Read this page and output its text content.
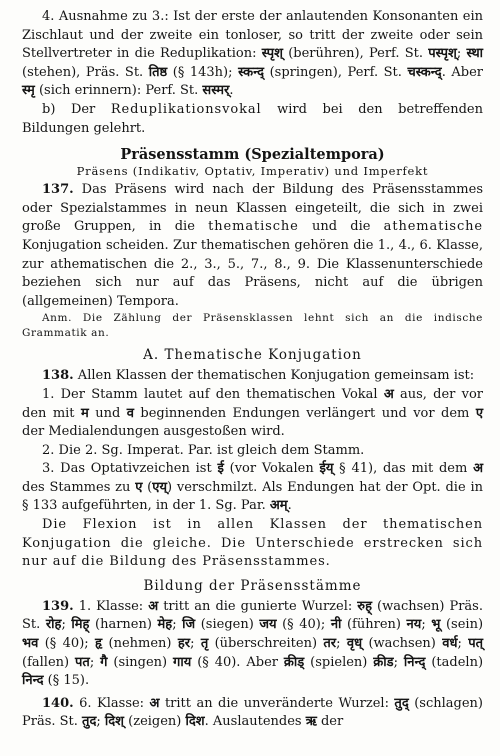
4. Ausnahme zu 3.: Ist der erste der anlautenden Konsonanten ein Zischlaut und der zweite ein tonloser, so tritt der zweite oder sein Stellvertreter in die Reduplikation: स्पृश् (berühren), Perf. St. पस्पृश्; स्था (stehen), Präs. St. तिष्ठ (§ 143h); स्कन्द् (springen), Perf. St. चस्कन्द्. Aber स्मृ (sich erinnern): Perf. St. सस्मर्.

b) Der Reduplikationsvokal wird bei den betreffenden Bildungen gelehrt.

Präsensstamm (Spezialtempora)

Präsens (Indikativ, Optativ, Imperativ) und Imperfekt

137. Das Präsens wird nach der Bildung des Präsensstammes oder Spezialstammes in neun Klassen eingeteilt, die sich in zwei große Gruppen, in die thematische und die athematische Konjugation scheiden. Zur thematischen gehören die 1., 4., 6. Klasse, zur athematischen die 2., 3., 5., 7., 8., 9. Die Klassenunterschiede beziehen sich nur auf das Präsens, nicht auf die übrigen (allgemeinen) Tempora.

Anm. Die Zählung der Präsensklassen lehnt sich an die indische Grammatik an.

A. Thematische Konjugation

138. Allen Klassen der thematischen Konjugation gemeinsam ist:

1. Der Stamm lautet auf den thematischen Vokal अ aus, der vor den mit म und व beginnenden Endungen verlängert und vor dem ए der Medialendungen ausgestoßen wird.

2. Die 2. Sg. Imperat. Par. ist gleich dem Stamm.

3. Das Optativzeichen ist ई (vor Vokalen ईय् § 41), das mit dem अ des Stammes zu ए (एय्) verschmilzt. Als Endungen hat der Opt. die in § 133 aufgeführten, in der 1. Sg. Par. अम्.

Die Flexion ist in allen Klassen der thematischen Konjugation die gleiche. Die Unterschiede erstrecken sich nur auf die Bildung des Präsensstammes.

Bildung der Präsensstämme

139. 1. Klasse: अ tritt an die gunierte Wurzel: रुह् (wachsen) Präs. St. रोह; मिह् (harnen) मेह; जि (siegen) जय (§ 40); नी (führen) नय; भू (sein) भव (§ 40); हृ (nehmen) हर; तृ (überschreiten) तर; वृध् (wachsen) वर्ध; पत् (fallen) पत; गै (singen) गाय (§ 40). Aber क्रीड् (spielen) क्रीड; निन्द् (tadeln) निन्द (§ 15).

140. 6. Klasse: अ tritt an die unveränderte Wurzel: तुद् (schlagen) Präs. St. तुद; दिश् (zeigen) दिश. Auslautendes ऋ der
